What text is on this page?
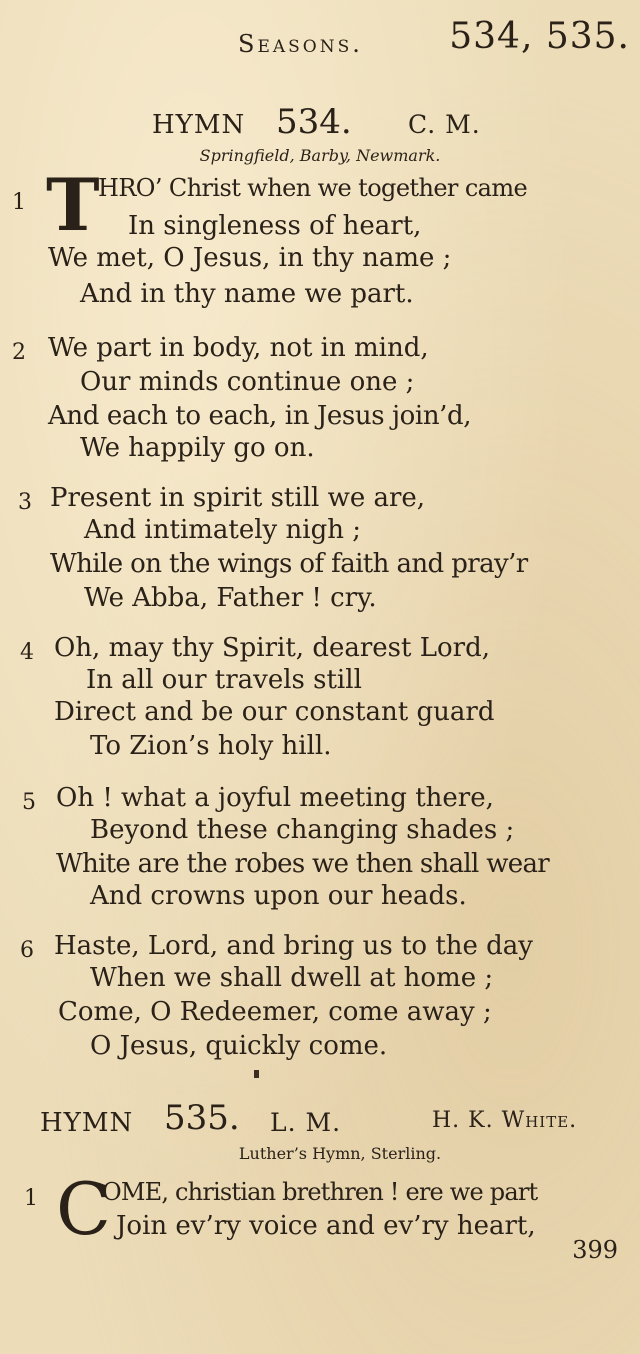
Seasons. 534, 535.
HYMN 534. C. M.
Springfield, Barby, Newmark.
1 T
HRO’ Christ when we together came
In singleness of heart,
We met, O Jesus, in thy name ;
And in thy name we part.
2 We part in body, not in mind,
Our minds continue one ;
And each to each, in Jesus join’d,
We happily go on.
3 Present in spirit still we are,
And intimately nigh ;
While on the wings of faith and pray’r
We Abba, Father ! cry.
4 Oh, may thy Spirit, dearest Lord,
In all our travels still
Direct and be our constant guard
To Zion’s holy hill.
5 Oh ! what a joyful meeting there,
Beyond these changing shades ;
White are the robes we then shall wear
And crowns upon our heads.
6 Haste, Lord, and bring us to the day
When we shall dwell at home ;
Come, O Redeemer, come away ;
O Jesus, quickly come.
HYMN 535. L. M.	H. K. White.
Luther’s Hymn, Sterling.
1 C
OME, christian brethren ! ere we part
Join ev’ry voice and ev’ry heart,
399
